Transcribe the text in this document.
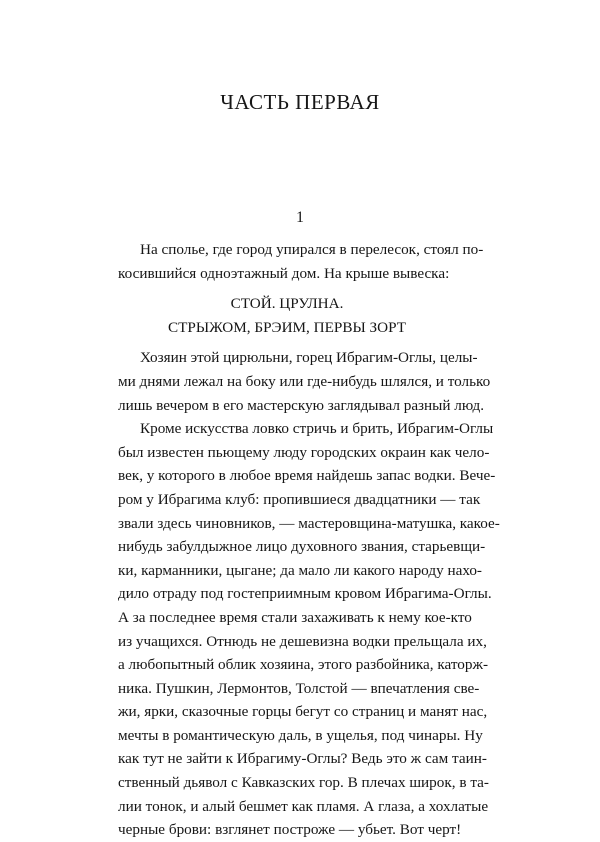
ЧАСТЬ ПЕРВАЯ
1
На спольe, где город упирался в перелесок, стоял по-
косившийся одноэтажный дом. На крыше вывеска:
СТОЙ. ЦРУЛНА.
СТРЫЖОМ, БРЭИМ, ПЕРВЫ ЗОРТ
Хозяин этой цирюльни, горец Ибрагим-Оглы, целы-
ми днями лежал на боку или где-нибудь шлялся, и только
лишь вечером в его мастерскую заглядывал разный люд.
Кроме искусства ловко стричь и брить, Ибрагим-Оглы
был известен пьющему люду городских окраин как чело-
век, у которого в любое время найдешь запас водки. Вече-
ром у Ибрагима клуб: пропившиеся двадцатники — так
звали здесь чиновников, — мастеровщина-матушка, какое-
нибудь забулдыжное лицо духовного звания, старьевщи-
ки, карманники, цыгане; да мало ли какого народу нахо-
дило отраду под гостеприимным кровом Ибрагима-Оглы.
А за последнее время стали захаживать к нему кое-кто
из учащихся. Отнюдь не дешевизна водки прельщала их,
а любопытный облик хозяина, этого разбойника, каторж-
ника. Пушкин, Лермонтов, Толстой — впечатления све-
жи, ярки, сказочные горцы бегут со страниц и манят нас,
мечты в романтическую даль, в ущелья, под чинары. Ну
как тут не зайти к Ибрагиму-Оглы? Ведь это ж сам таин-
ственный дьявол с Кавказских гор. В плечах широк, в та-
лии тонок, и алый бешмет как пламя. А глаза, а хохлатые
черные брови: взглянет построже — убьет. Вот черт!
